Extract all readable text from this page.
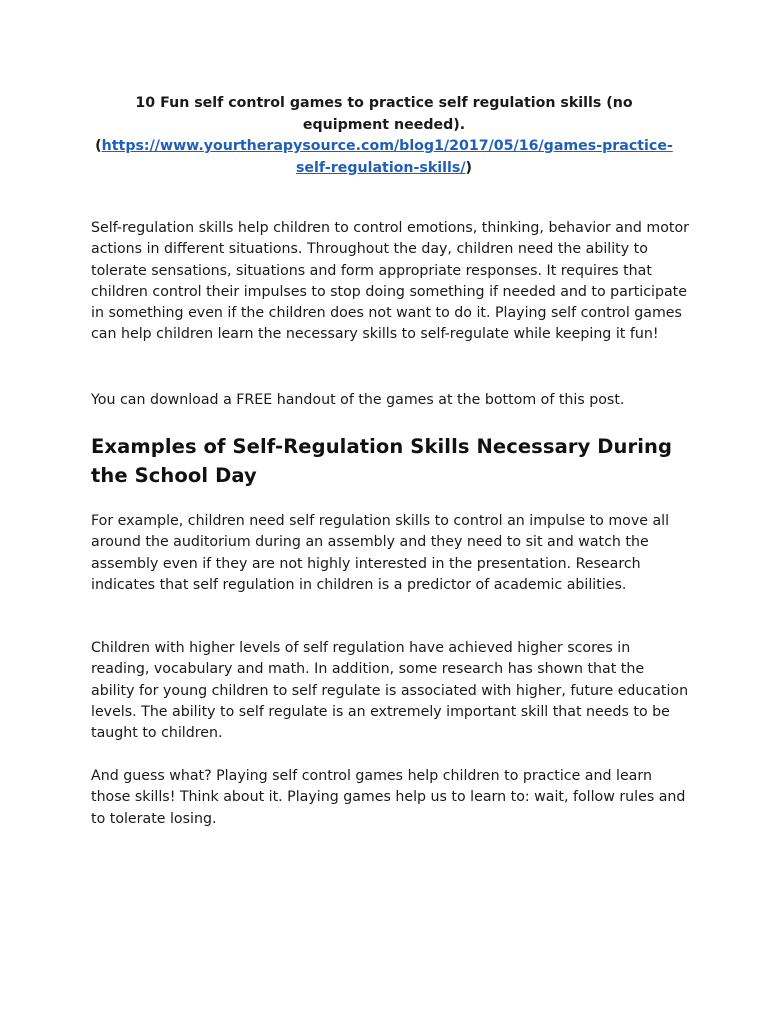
10 Fun self control games to practice self regulation skills (no equipment needed).
(https://www.yourtherapysource.com/blog1/2017/05/16/games-practice-self-regulation-skills/)

Self-regulation skills help children to control emotions, thinking, behavior and motor actions in different situations. Throughout the day, children need the ability to tolerate sensations, situations and form appropriate responses. It requires that children control their impulses to stop doing something if needed and to participate in something even if the children does not want to do it. Playing self control games can help children learn the necessary skills to self-regulate while keeping it fun!

You can download a FREE handout of the games at the bottom of this post.

Examples of Self-Regulation Skills Necessary During the School Day

For example, children need self regulation skills to control an impulse to move all around the auditorium during an assembly and they need to sit and watch the assembly even if they are not highly interested in the presentation. Research indicates that self regulation in children is a predictor of academic abilities.

Children with higher levels of self regulation have achieved higher scores in reading, vocabulary and math. In addition, some research has shown that the ability for young children to self regulate is associated with higher, future education levels. The ability to self regulate is an extremely important skill that needs to be taught to children.

And guess what? Playing self control games help children to practice and learn those skills! Think about it. Playing games help us to learn to: wait, follow rules and to tolerate losing.
